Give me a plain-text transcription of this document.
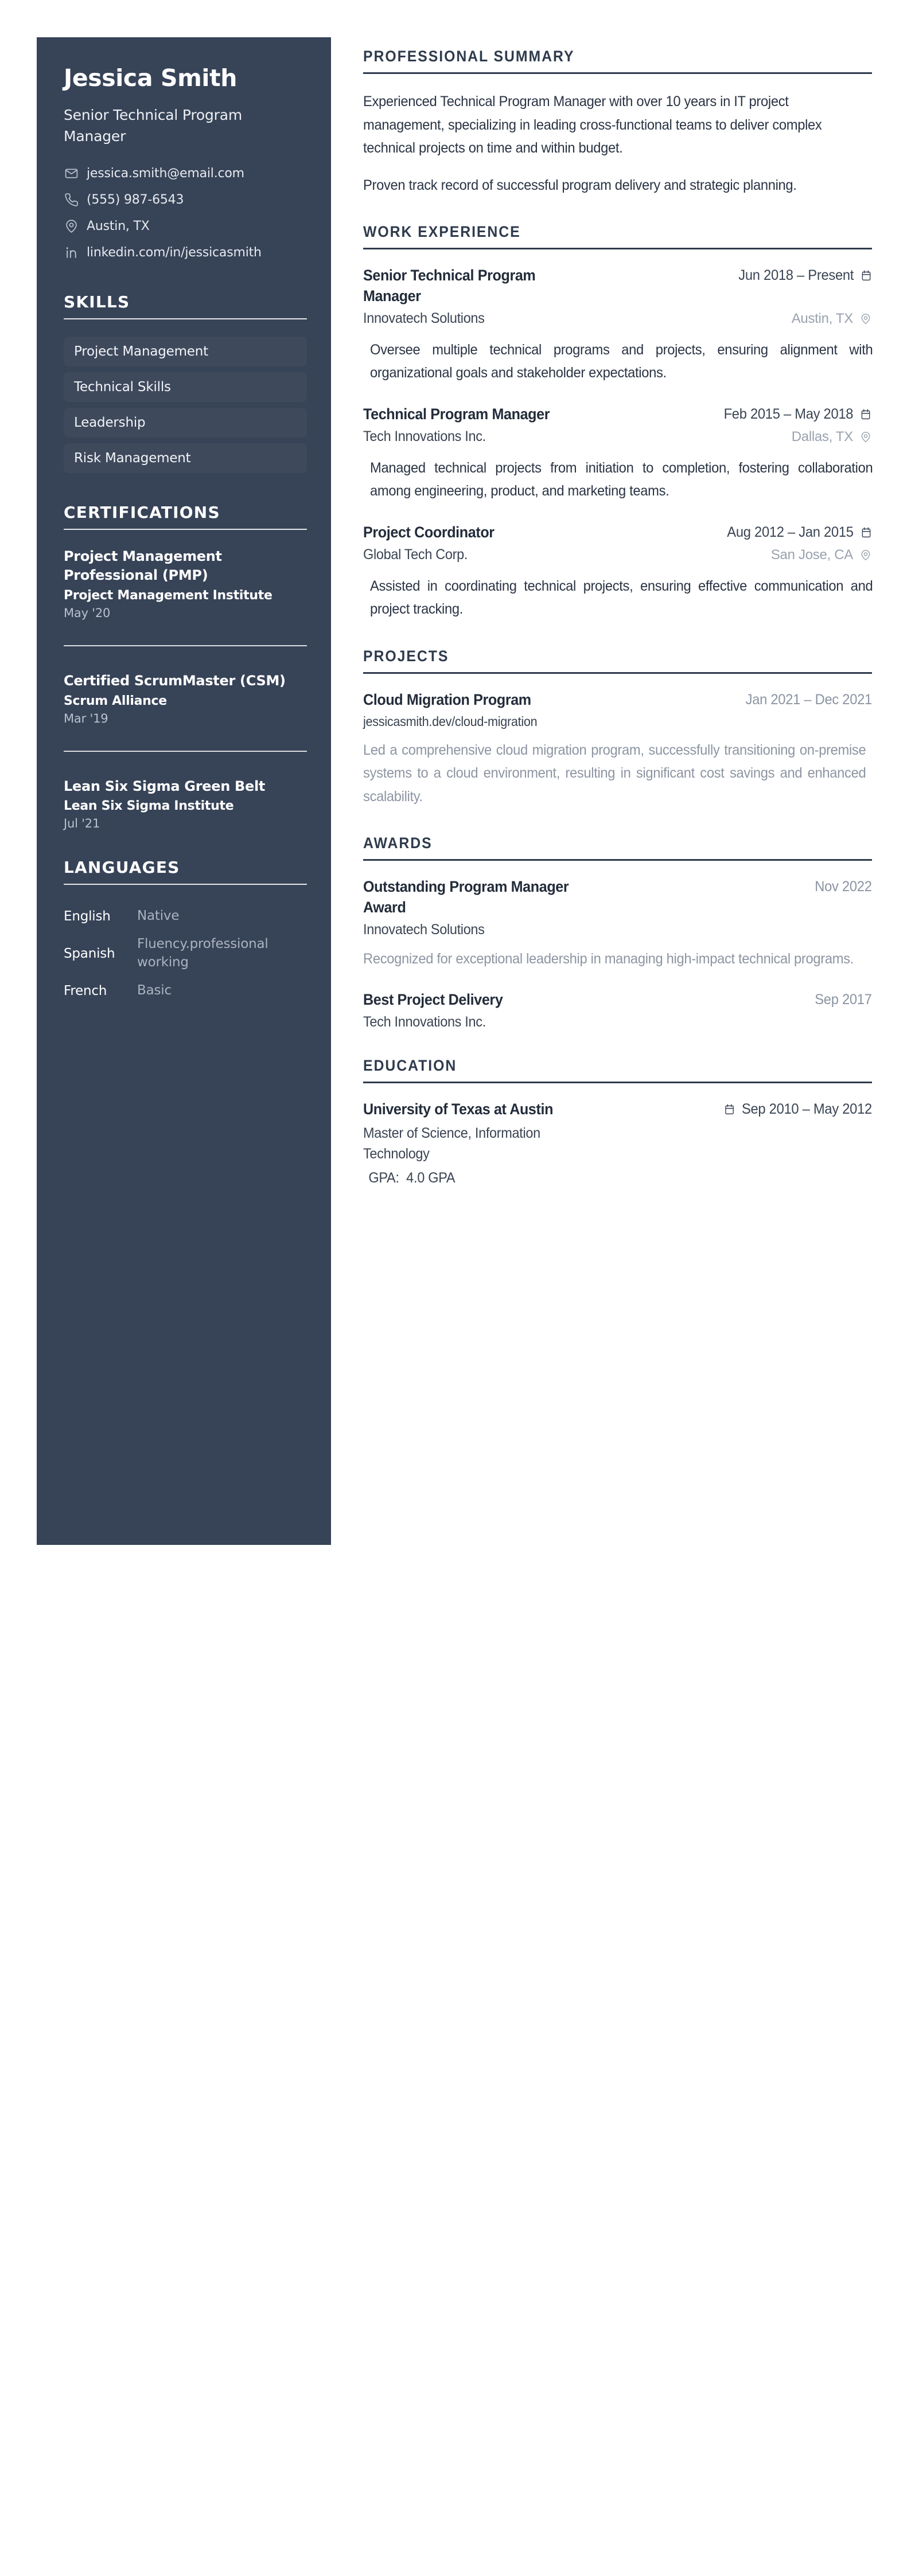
Jessica Smith
Senior Technical Program Manager
jessica.smith@email.com
(555) 987-6543
Austin, TX
linkedin.com/in/jessicasmith
SKILLS
Project Management
Technical Skills
Leadership
Risk Management
CERTIFICATIONS
Project Management Professional (PMP)
Project Management Institute
May '20
Certified ScrumMaster (CSM)
Scrum Alliance
Mar '19
Lean Six Sigma Green Belt
Lean Six Sigma Institute
Jul '21
LANGUAGES
English	Native
Spanish	Fluency.professional working
French	Basic
PROFESSIONAL SUMMARY

Experienced Technical Program Manager with over 10 years in IT project management, specializing in leading cross-functional teams to deliver complex technical projects on time and within budget.

Proven track record of successful program delivery and strategic planning.

WORK EXPERIENCE
Senior Technical Program Manager
Jun 2018 – Present
Innovatech Solutions	Austin, TX
Oversee multiple technical programs and projects, ensuring alignment with organizational goals and stakeholder expectations.
Technical Program Manager	Feb 2015 – May 2018
Tech Innovations Inc.	Dallas, TX
Managed technical projects from initiation to completion, fostering collaboration among engineering, product, and marketing teams.
Project Coordinator	Aug 2012 – Jan 2015
Global Tech Corp.	San Jose, CA
Assisted in coordinating technical projects, ensuring effective communication and project tracking.
PROJECTS
Cloud Migration Program	Jan 2021 – Dec 2021
jessicasmith.dev/cloud-migration
Led a comprehensive cloud migration program, successfully transitioning on-premise systems to a cloud environment, resulting in significant cost savings and enhanced scalability.
AWARDS
Outstanding Program Manager Award
Nov 2022
Innovatech Solutions
Recognized for exceptional leadership in managing high-impact technical programs.
Best Project Delivery	Sep 2017
Tech Innovations Inc.
EDUCATION
University of Texas at Austin	Sep 2010 – May 2012
Master of Science, Information Technology
GPA: 4.0 GPA
